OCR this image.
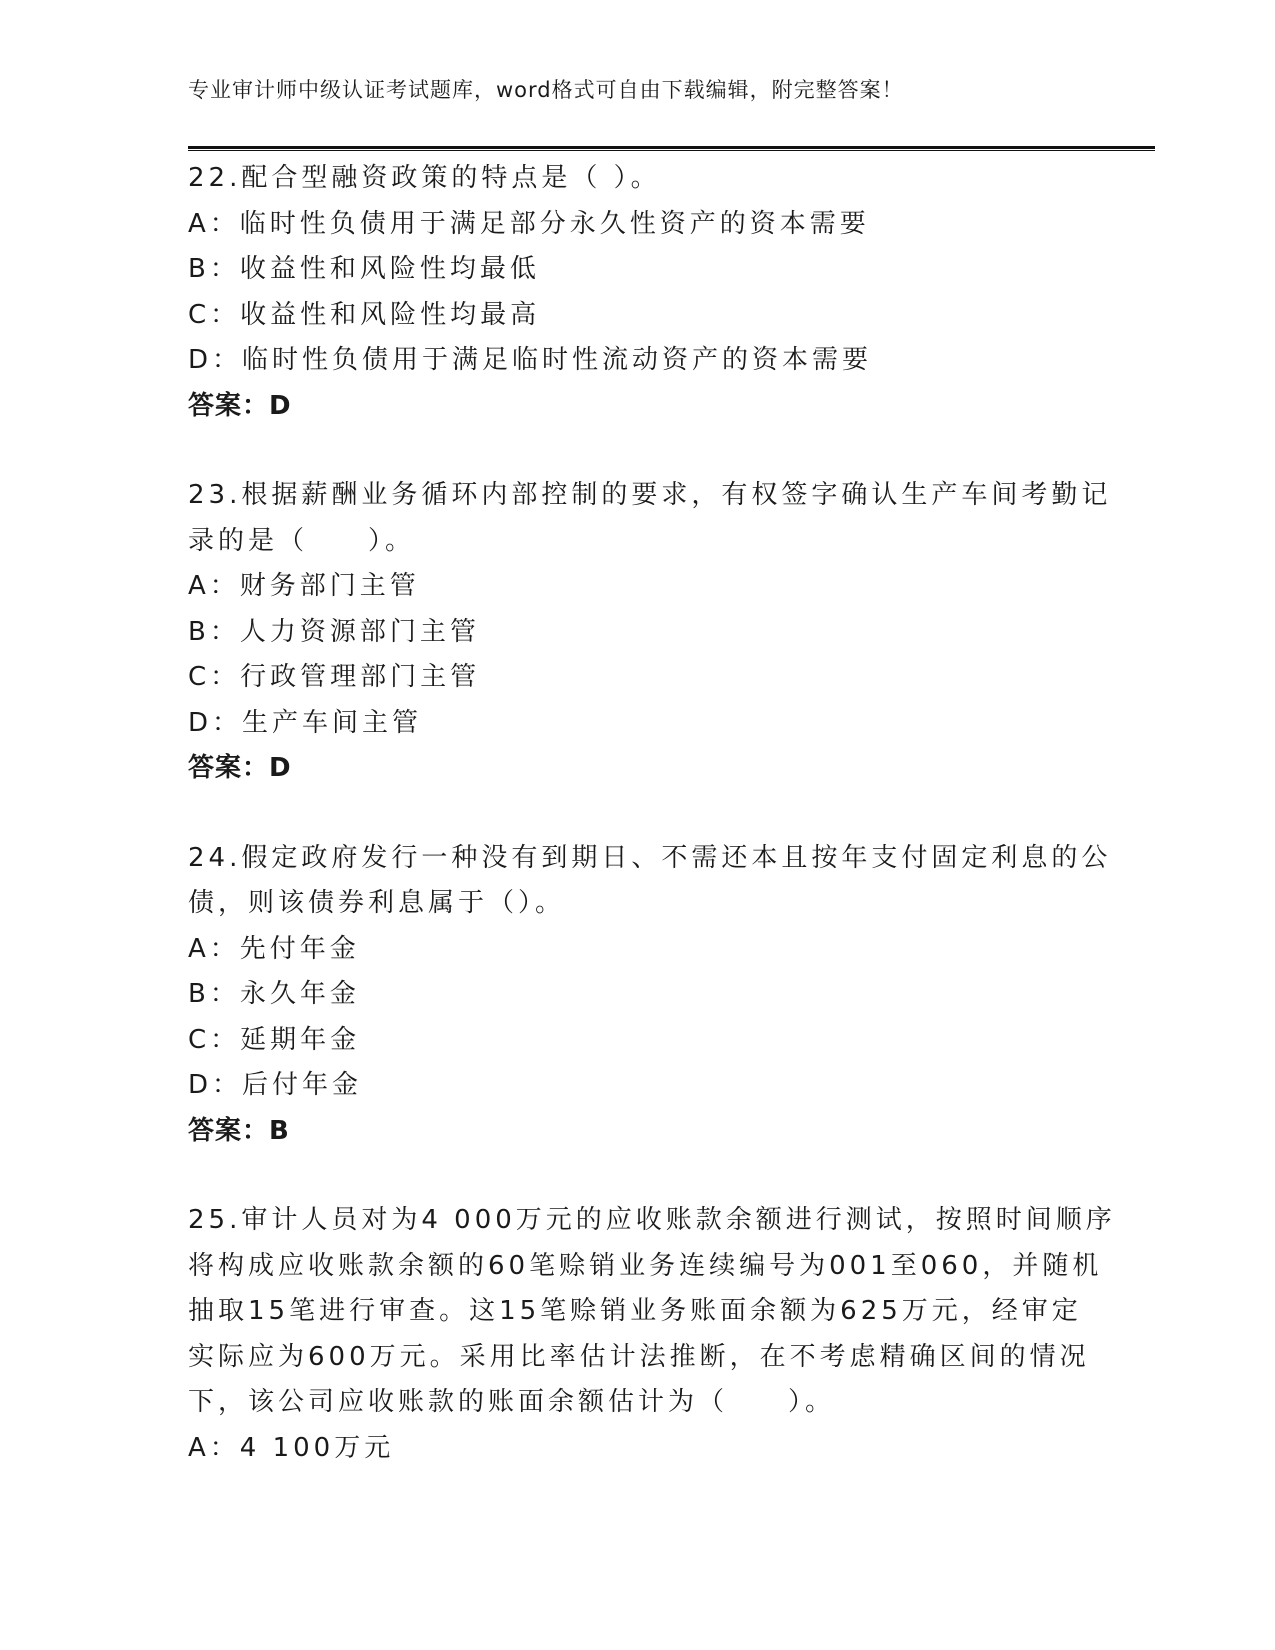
专业审计师中级认证考试题库，word格式可自由下载编辑，附完整答案！
22.配合型融资政策的特点是（ ）。
A：临时性负债用于满足部分永久性资产的资本需要
B：收益性和风险性均最低
C：收益性和风险性均最高
D：临时性负债用于满足临时性流动资产的资本需要
答案：D
23.根据薪酬业务循环内部控制的要求，有权签字确认生产车间考勤记
录的是（　　）。
A：财务部门主管
B：人力资源部门主管
C：行政管理部门主管
D：生产车间主管
答案：D
24.假定政府发行一种没有到期日、不需还本且按年支付固定利息的公
债，则该债券利息属于（）。
A：先付年金
B：永久年金
C：延期年金
D：后付年金
答案：B
25.审计人员对为4 000万元的应收账款余额进行测试，按照时间顺序
将构成应收账款余额的60笔赊销业务连续编号为001至060，并随机
抽取15笔进行审查。这15笔赊销业务账面余额为625万元，经审定
实际应为600万元。采用比率估计法推断，在不考虑精确区间的情况
下，该公司应收账款的账面余额估计为（　　）。
A：4 100万元
